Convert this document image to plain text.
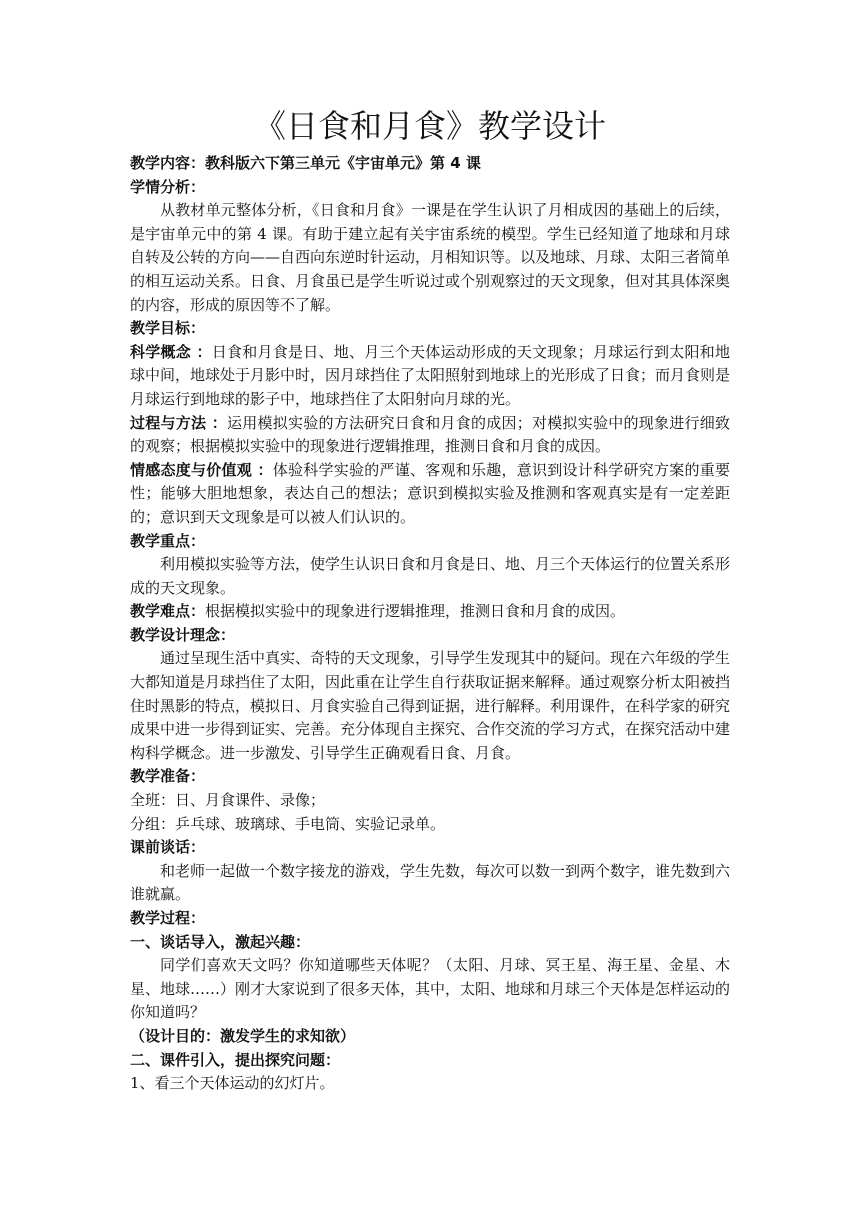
《日食和月食》教学设计

教学内容：教科版六下第三单元《宇宙单元》第 4 课

学情分析：

从教材单元整体分析，《日食和月食》一课是在学生认识了月相成因的基础上的后续，是宇宙单元中的第 4 课。有助于建立起有关宇宙系统的模型。学生已经知道了地球和月球自转及公转的方向——自西向东逆时针运动，月相知识等。以及地球、月球、太阳三者简单的相互运动关系。日食、月食虽已是学生听说过或个别观察过的天文现象，但对其具体深奥的内容，形成的原因等不了解。

教学目标：

科学概念 ：日食和月食是日、地、月三个天体运动形成的天文现象；月球运行到太阳和地球中间，地球处于月影中时，因月球挡住了太阳照射到地球上的光形成了日食；而月食则是月球运行到地球的影子中，地球挡住了太阳射向月球的光。

过程与方法 ：运用模拟实验的方法研究日食和月食的成因；对模拟实验中的现象进行细致的观察；根据模拟实验中的现象进行逻辑推理，推测日食和月食的成因。

情感态度与价值观 ：体验科学实验的严谨、客观和乐趣，意识到设计科学研究方案的重要性；能够大胆地想象，表达自己的想法；意识到模拟实验及推测和客观真实是有一定差距的；意识到天文现象是可以被人们认识的。

教学重点：

利用模拟实验等方法，使学生认识日食和月食是日、地、月三个天体运行的位置关系形成的天文现象。

教学难点：根据模拟实验中的现象进行逻辑推理，推测日食和月食的成因。

教学设计理念：

通过呈现生活中真实、奇特的天文现象，引导学生发现其中的疑问。现在六年级的学生大都知道是月球挡住了太阳，因此重在让学生自行获取证据来解释。通过观察分析太阳被挡住时黑影的特点，模拟日、月食实验自己得到证据，进行解释。利用课件，在科学家的研究成果中进一步得到证实、完善。充分体现自主探究、合作交流的学习方式，在探究活动中建构科学概念。进一步激发、引导学生正确观看日食、月食。

教学准备：

全班：日、月食课件、录像；

分组：乒乓球、玻璃球、手电筒、实验记录单。

课前谈话：

和老师一起做一个数字接龙的游戏，学生先数，每次可以数一到两个数字，谁先数到六谁就赢。

教学过程：

一、谈话导入，激起兴趣：

同学们喜欢天文吗？你知道哪些天体呢？（太阳、月球、冥王星、海王星、金星、木星、地球……）刚才大家说到了很多天体，其中，太阳、地球和月球三个天体是怎样运动的你知道吗？

（设计目的：激发学生的求知欲）

二、课件引入，提出探究问题：

1、看三个天体运动的幻灯片。
